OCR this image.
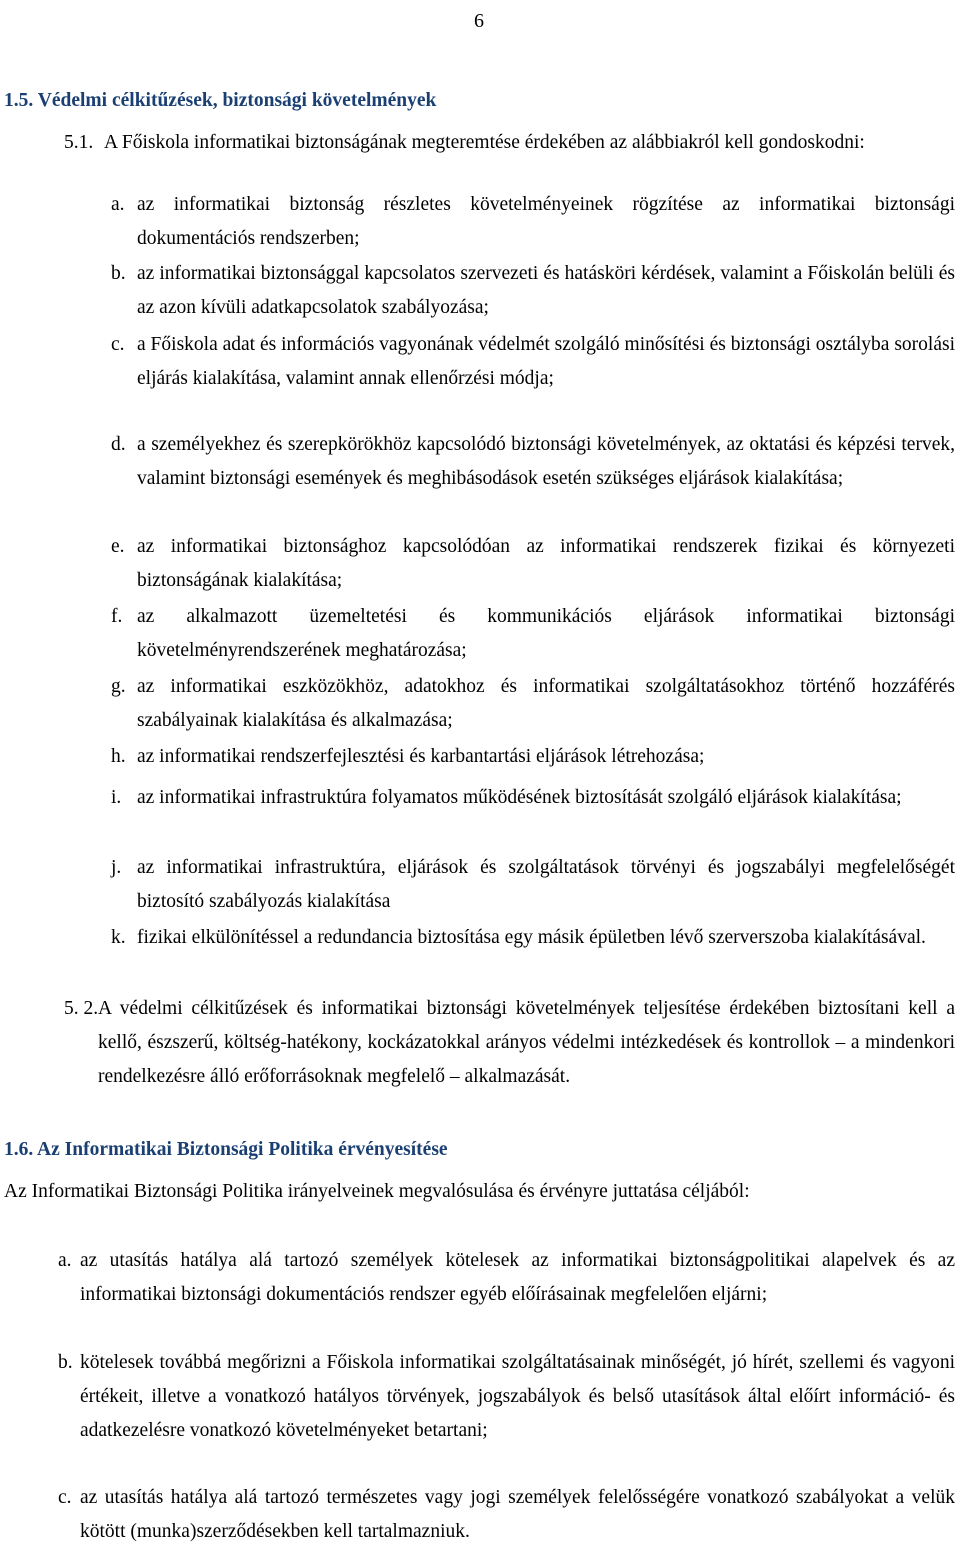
6
1.5. Védelmi célkitűzések, biztonsági követelmények
5.1. A Főiskola informatikai biztonságának megteremtése érdekében az alábbiakról kell gondoskodni:
a. az informatikai biztonság részletes követelményeinek rögzítése az informatikai biztonsági dokumentációs rendszerben;
b. az informatikai biztonsággal kapcsolatos szervezeti és hatásköri kérdések, valamint a Főiskolán belüli és az azon kívüli adatkapcsolatok szabályozása;
c. a Főiskola adat és információs vagyonának védelmét szolgáló minősítési és biztonsági osztályba sorolási eljárás kialakítása, valamint annak ellenőrzési módja;
d. a személyekhez és szerepkörökhöz kapcsolódó biztonsági követelmények, az oktatási és képzési tervek, valamint biztonsági események és meghibásodások esetén szükséges eljárások kialakítása;
e. az informatikai biztonsághoz kapcsolódóan az informatikai rendszerek fizikai és környezeti biztonságának kialakítása;
f. az alkalmazott üzemeltetési és kommunikációs eljárások informatikai biztonsági követelményrendszerének meghatározása;
g. az informatikai eszközökhöz, adatokhoz és informatikai szolgáltatásokhoz történő hozzáférés szabályainak kialakítása és alkalmazása;
h. az informatikai rendszerfejlesztési és karbantartási eljárások létrehozása;
i. az informatikai infrastruktúra folyamatos működésének biztosítását szolgáló eljárások kialakítása;
j. az informatikai infrastruktúra, eljárások és szolgáltatások törvényi és jogszabályi megfelelőségét biztosító szabályozás kialakítása
k. fizikai elkülönítéssel a redundancia biztosítása egy másik épületben lévő szerverszoba kialakításával.
5. 2. A védelmi célkitűzések és informatikai biztonsági követelmények teljesítése érdekében biztosítani kell a kellő, észszerű, költség-hatékony, kockázatokkal arányos védelmi intézkedések és kontrollok – a mindenkori rendelkezésre álló erőforrásoknak megfelelő – alkalmazását.
1.6. Az Informatikai Biztonsági Politika érvényesítése
Az Informatikai Biztonsági Politika irányelveinek megvalósulása és érvényre juttatása céljából:
a. az utasítás hatálya alá tartozó személyek kötelesek az informatikai biztonságpolitikai alapelvek és az informatikai biztonsági dokumentációs rendszer egyéb előírásainak megfelelően eljárni;
b. kötelesek továbbá megőrizni a Főiskola informatikai szolgáltatásainak minőségét, jó hírét, szellemi és vagyoni értékeit, illetve a vonatkozó hatályos törvények, jogszabályok és belső utasítások által előírt információ- és adatkezelésre vonatkozó követelményeket betartani;
c. az utasítás hatálya alá tartozó természetes vagy jogi személyek felelősségére vonatkozó szabályokat a velük kötött (munka)szerződésekben kell tartalmazniuk.
